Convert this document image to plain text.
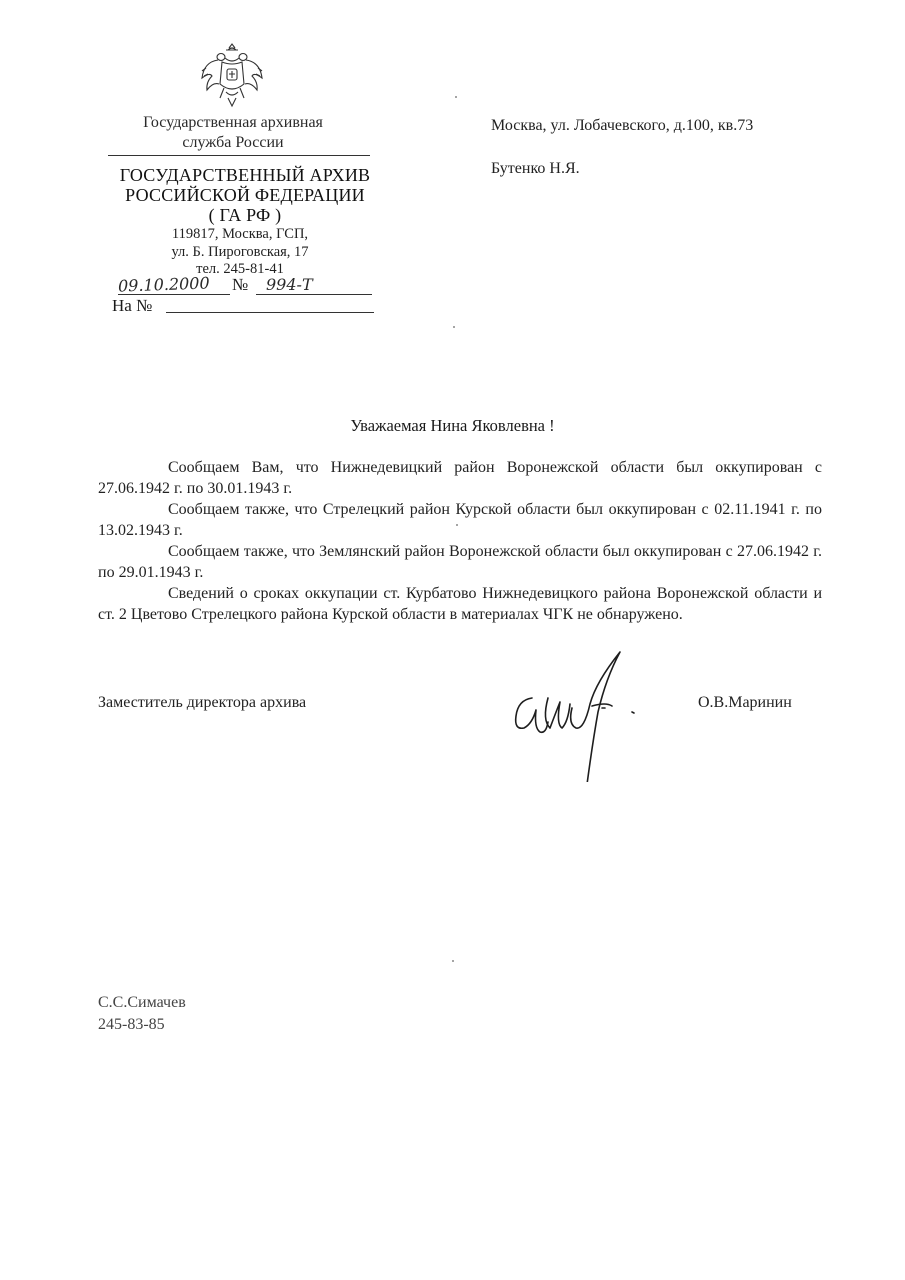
Государственная архивная
служба России
ГОСУДАРСТВЕННЫЙ АРХИВ
РОССИЙСКОЙ ФЕДЕРАЦИИ
( ГА РФ )
119817, Москва, ГСП,
ул. Б. Пироговская, 17
тел. 245-81-41
09.10.2000 № 994-Т
На №
Москва, ул. Лобачевского, д.100, кв.73
Бутенко Н.Я.
Уважаемая Нина Яковлевна !

Сообщаем Вам, что Нижнедевицкий район Воронежской области был оккупирован с 27.06.1942 г. по 30.01.1943 г.

Сообщаем также, что Стрелецкий район Курской области был оккупирован с 02.11.1941 г. по 13.02.1943 г.

Сообщаем также, что Землянский район Воронежской области был оккупирован с 27.06.1942 г. по 29.01.1943 г.

Сведений о сроках оккупации ст. Курбатово Нижнедевицкого района Воронежской области и ст. 2 Цветово Стрелецкого района Курской области в материалах ЧГК не обнаружено.

Заместитель директора архива	О.В.Маринин
С.С.Симачев
245-83-85
